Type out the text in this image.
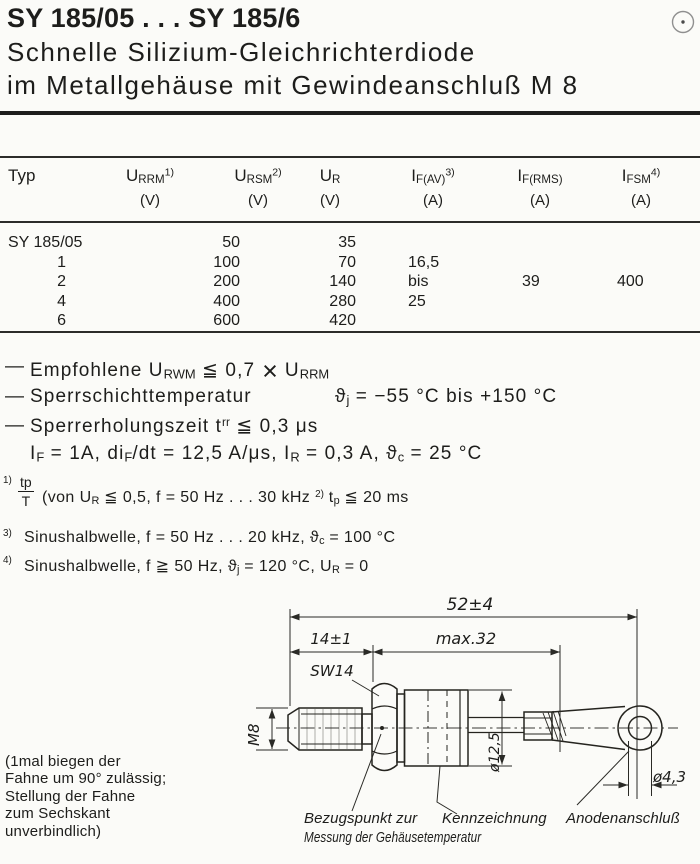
SY 185/05 . . . SY 185/6
Schnelle Silizium-Gleichrichterdiode
im Metallgehäuse mit Gewindeanschluß M 8
Typ	$U_{RRM}^{1)}$	$U_{RSM}^{2)}$	$U_R$	$I_{F(AV)}^{3)}$	$I_{F(RMS)}$	$I_{FSM}^{4)}$
(V)	(V)	(V)	(A)	(A)	(A)
SY 185/05	50	35
1	100	70	16,5
2	200	140	bis	39	400
4	400	280	25
6	600	420
— Empfohlene $U_{RWM}$ ≦ $0,7 \times U_{RRM}$
— Sperrschichttemperatur	$ϑ_j = -55$ °C bis +150 °C
— Sperrerholungszeit $t^{rr}$ ≦ 0,3 μs
$I_F = 1A$, $di_F/dt = 12,5$ A/μs, $I_R = 0,3$ A, $ϑ_c = 25$ °C
$^{1)} \frac{tp}{T} (von$ $U_R$ ≦ 0,5, f = 50 Hz . . . 30 kHz $^{2)}$ $t_p$ ≦ 20 ms
$^{3)}$ Sinushalbwelle, f = 50 Hz . . . 20 kHz, $ϑ_c = 100$ °C
$^{4)}$ Sinushalbwelle, f ≧ 50 Hz, $ϑ_j = 120$ °C, $U_R = 0$
(1mal biegen der
Fahne um 90° zulässig;
Stellung der Fahne
zum Sechskant
unverbindlich)
52±4
14±1	max.32
SW14
M8	ø12,5
ø4,3
Bezugspunkt zur
Messung der Gehäusetemperatur
Kennzeichnung Anodenanschluß
